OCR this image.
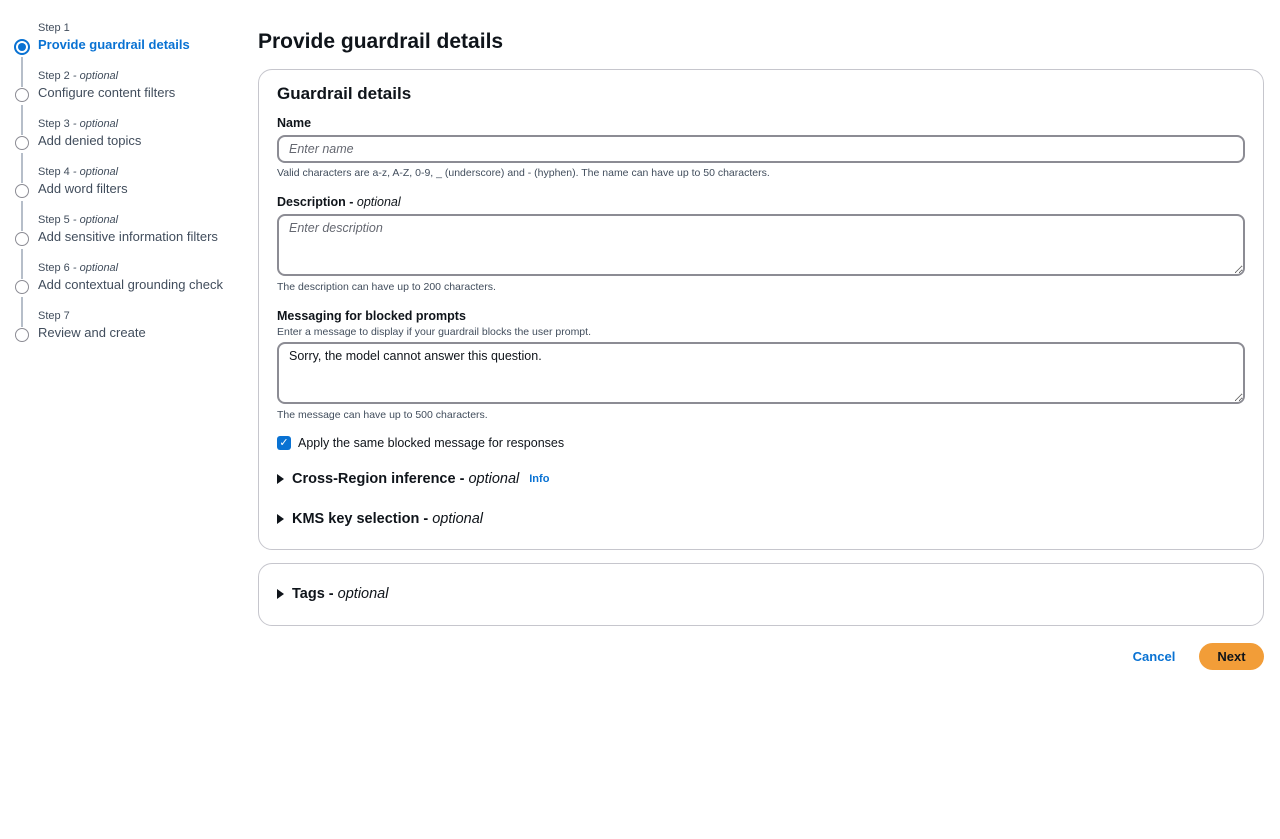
Step 1
Provide guardrail details
Step 2 - optional
Configure content filters
Step 3 - optional
Add denied topics
Step 4 - optional
Add word filters
Step 5 - optional
Add sensitive information filters
Step 6 - optional
Add contextual grounding check
Step 7
Review and create
Provide guardrail details
Guardrail details
Name
Enter name
Valid characters are a-z, A-Z, 0-9, _ (underscore) and - (hyphen). The name can have up to 50 characters.
Description - optional
Enter description
The description can have up to 200 characters.
Messaging for blocked prompts
Enter a message to display if your guardrail blocks the user prompt.
Sorry, the model cannot answer this question.
The message can have up to 500 characters.
✓ Apply the same blocked message for responses
Cross-Region inference - optional Info
KMS key selection - optional
Tags - optional
Cancel	Next
